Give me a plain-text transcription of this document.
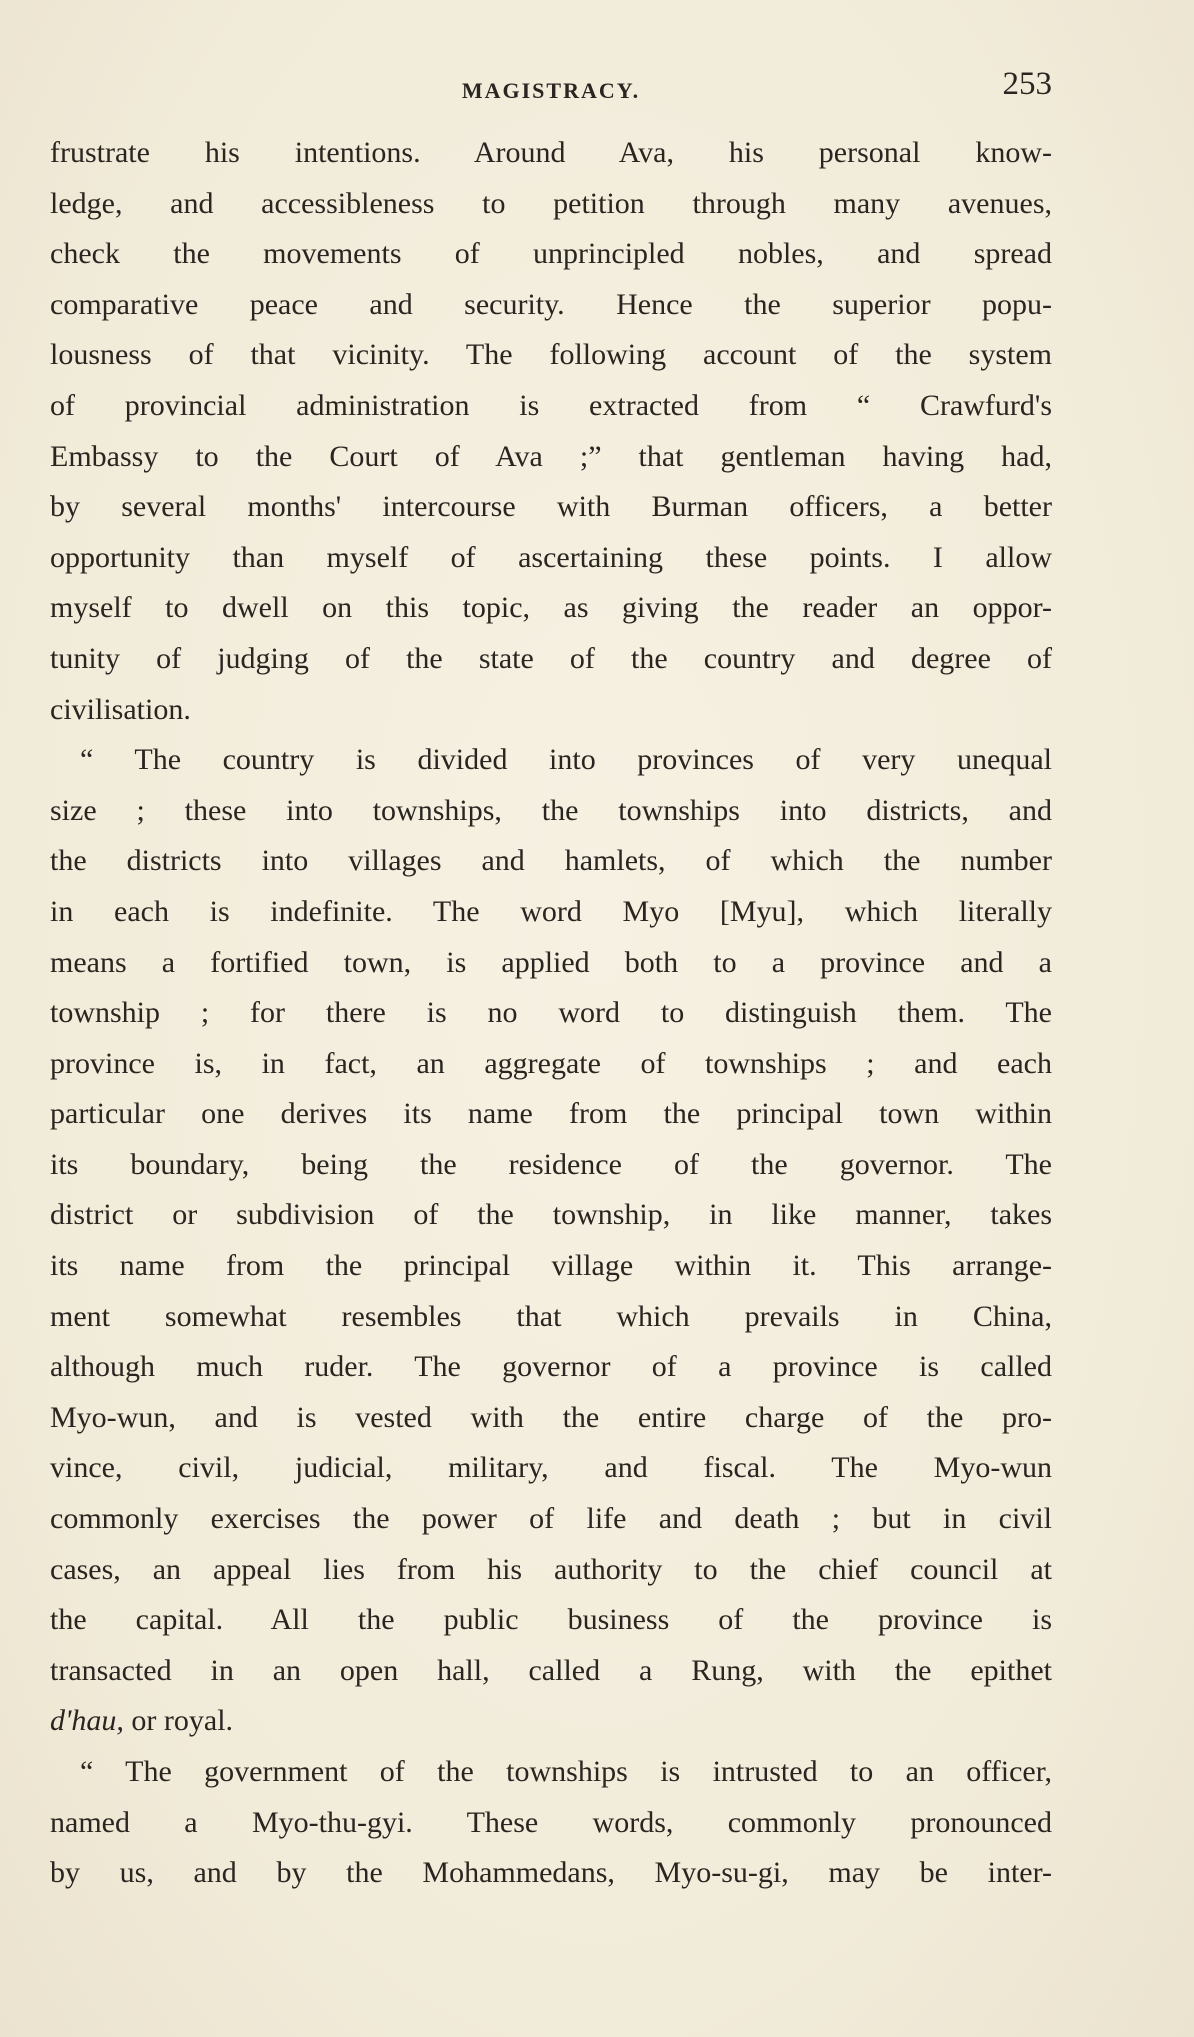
MAGISTRACY.	253
frustrate his intentions. Around Ava, his personal know-
ledge, and accessibleness to petition through many avenues,
check the movements of unprincipled nobles, and spread
comparative peace and security. Hence the superior popu-
lousness of that vicinity. The following account of the system
of provincial administration is extracted from “ Crawfurd's
Embassy to the Court of Ava ;” that gentleman having had,
by several months' intercourse with Burman officers, a better
opportunity than myself of ascertaining these points. I allow
myself to dwell on this topic, as giving the reader an oppor-
tunity of judging of the state of the country and degree of
civilisation.
“ The country is divided into provinces of very unequal
size ; these into townships, the townships into districts, and
the districts into villages and hamlets, of which the number
in each is indefinite. The word Myo [Myu], which literally
means a fortified town, is applied both to a province and a
township ; for there is no word to distinguish them. The
province is, in fact, an aggregate of townships ; and each
particular one derives its name from the principal town within
its boundary, being the residence of the governor. The
district or subdivision of the township, in like manner, takes
its name from the principal village within it. This arrange-
ment somewhat resembles that which prevails in China,
although much ruder. The governor of a province is called
Myo-wun, and is vested with the entire charge of the pro-
vince, civil, judicial, military, and fiscal. The Myo-wun
commonly exercises the power of life and death ; but in civil
cases, an appeal lies from his authority to the chief council at
the capital. All the public business of the province is
transacted in an open hall, called a Rung, with the epithet
d'hau, or royal.
“ The government of the townships is intrusted to an officer,
named a Myo-thu-gyi. These words, commonly pronounced
by us, and by the Mohammedans, Myo-su-gi, may be inter-
